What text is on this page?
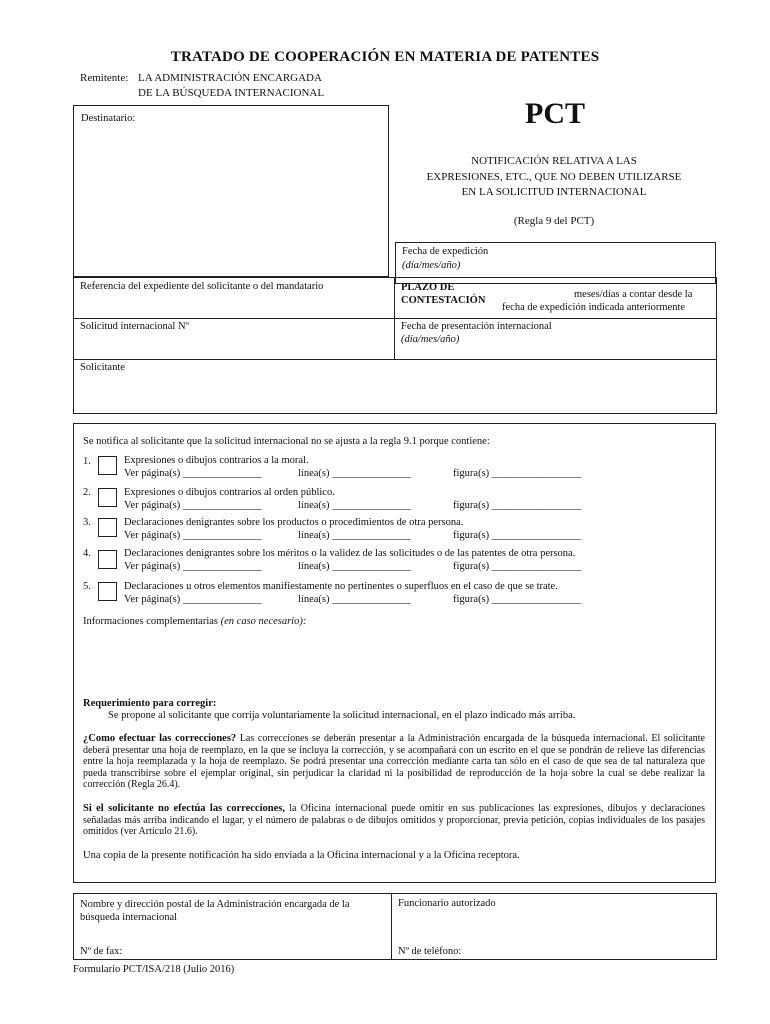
TRATADO DE COOPERACIÓN EN MATERIA DE PATENTES
Remitente: LA ADMINISTRACIÓN ENCARGADA
DE LA BÚSQUEDA INTERNACIONAL
Destinatario:	PCT
NOTIFICACIÓN RELATIVA A LAS
EXPRESIONES, ETC., QUE NO DEBEN UTILIZARSE
EN LA SOLICITUD INTERNACIONAL
(Regla 9 del PCT)
Fecha de expedición
(día/mes/año)
Referencia del expediente del solicitante o del mandatario	PLAZO DE
CONTESTACIÓN
meses/días a contar desde la
fecha de expedición indicada anteriormente
Solicitud internacional Nº	Fecha de presentación internacional
(día/mes/año)
Solicitante
Se notifica al solicitante que la solicitud internacional no se ajusta a la regla 9.1 porque contiene:
1.	Expresiones o dibujos contrarios a la moral.
Ver página(s) _______________	línea(s) _______________	figura(s) _________________
2.	Expresiones o dibujos contrarios al orden público.
Ver página(s) _______________	línea(s) _______________	figura(s) _________________
3.	Declaraciones denigrantes sobre los productos o procedimientos de otra persona.
Ver página(s) _______________	línea(s) _______________	figura(s) _________________
4.	Declaraciones denigrantes sobre los méritos o la validez de las solicitudes o de las patentes de otra persona.
Ver página(s) _______________	línea(s) _______________	figura(s) _________________
5.	Declaraciones u otros elementos manifiestamente no pertinentes o superfluos en el caso de que se trate.
Ver página(s) _______________	línea(s) _______________	figura(s) _________________
Informaciones complementarias (en caso necesario):
Requerimiento para corregir:
Se propone al solicitante que corrija voluntariamente la solicitud internacional, en el plazo indicado más arriba.
¿Como efectuar las correcciones? Las correcciones se deberán presentar a la Administración encargada de la búsqueda internacional. El solicitante deberá presentar una hoja de reemplazo, en la que se incluya la corrección, y se acompañará con un escrito en el que se pondrán de relieve las diferencias entre la hoja reemplazada y la hoja de reemplazo. Se podrá presentar una corrección mediante carta tan sólo en el caso de que sea de tal naturaleza que pueda transcribirse sobre el ejemplar original, sin perjudicar la claridad ni la posibilidad de reproducción de la hoja sobre la cual se debe realizar la corrección (Regla 26.4).
Si el solicitante no efectúa las correcciones, la Oficina internacional puede omitir en sus publicaciones las expresiones, dibujos y declaraciones señaladas más arriba indicando el lugar, y el número de palabras o de dibujos omitidos y proporcionar, previa petición, copias individuales de los pasajes omitidos (ver Artículo 21.6).
Una copia de la presente notificación ha sido enviada a la Oficina internacional y a la Oficina receptora.
Nombre y dirección postal de la Administración encargada de la búsqueda internacional
Funcionario autorizado
Nº de fax:	Nº de teléfono:
Formulario PCT/ISA/218 (Julio 2016)
